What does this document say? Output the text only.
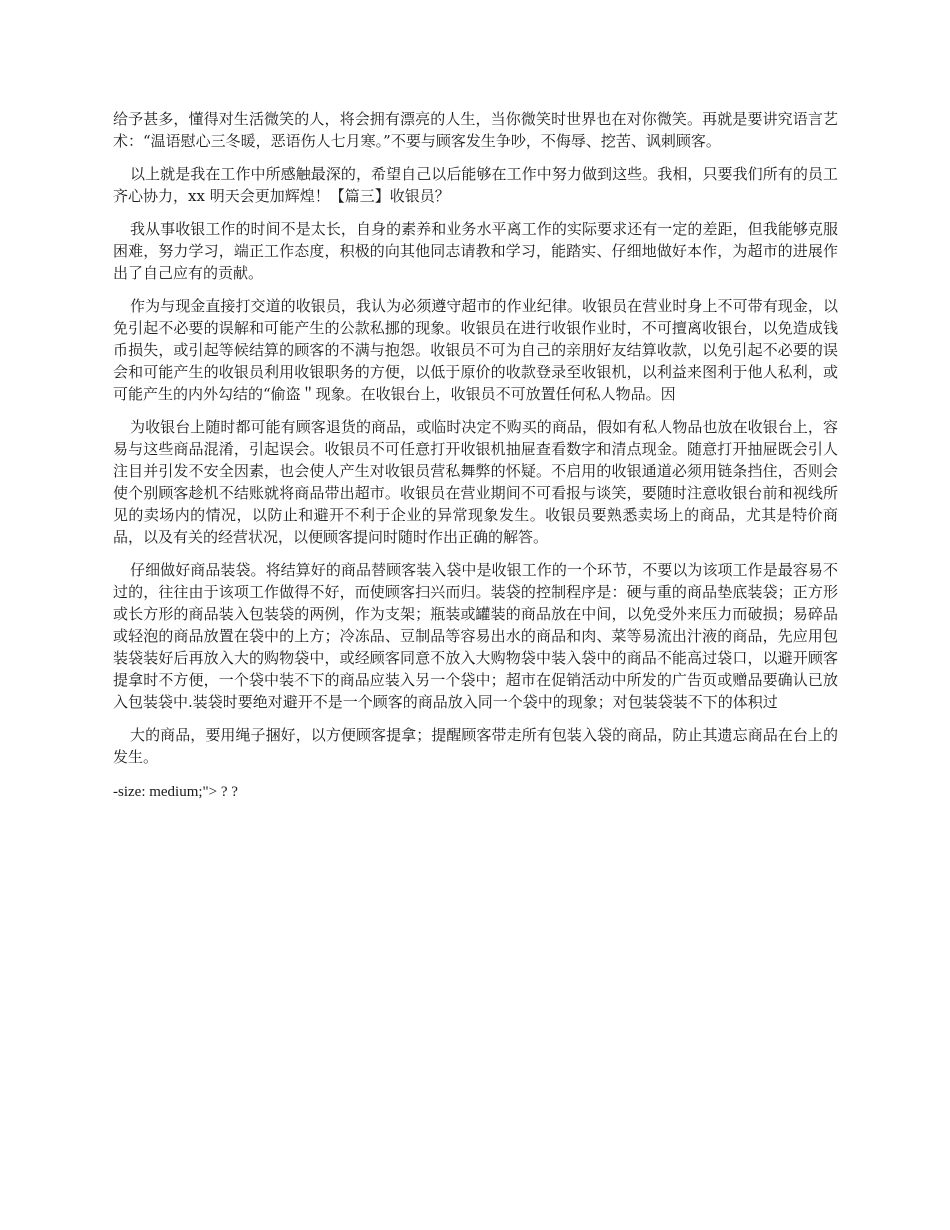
给予甚多，懂得对生活微笑的人，将会拥有漂亮的人生，当你微笑时世界也在对你微笑。再就是要讲究语言艺术：“温语慰心三冬暖，恶语伤人七月寒。”不要与顾客发生争吵，不侮辱、挖苦、讽刺顾客。

以上就是我在工作中所感触最深的，希望自己以后能够在工作中努力做到这些。我相，只要我们所有的员工齐心协力，xx 明天会更加辉煌！【篇三】收银员？

我从事收银工作的时间不是太长，自身的素养和业务水平离工作的实际要求还有一定的差距，但我能够克服困难，努力学习，端正工作态度，积极的向其他同志请教和学习，能踏实、仔细地做好本作，为超市的进展作出了自己应有的贡献。

作为与现金直接打交道的收银员，我认为必须遵守超市的作业纪律。收银员在营业时身上不可带有现金，以免引起不必要的误解和可能产生的公款私挪的现象。收银员在进行收银作业时，不可擅离收银台，以免造成钱币损失，或引起等候结算的顾客的不满与抱怨。收银员不可为自己的亲朋好友结算收款，以免引起不必要的误会和可能产生的收银员利用收银职务的方便，以低于原价的收款登录至收银机，以利益来图利于他人私利，或可能产生的内外勾结的“偷盗＂现象。在收银台上，收银员不可放置任何私人物品。因

为收银台上随时都可能有顾客退货的商品，或临时决定不购买的商品，假如有私人物品也放在收银台上，容易与这些商品混淆，引起误会。收银员不可任意打开收银机抽屉查看数字和清点现金。随意打开抽屉既会引人注目并引发不安全因素，也会使人产生对收银员营私舞弊的怀疑。不启用的收银通道必须用链条挡住，否则会使个别顾客趁机不结账就将商品带出超市。收银员在营业期间不可看报与谈笑，要随时注意收银台前和视线所见的卖场内的情况，以防止和避开不利于企业的异常现象发生。收银员要熟悉卖场上的商品，尤其是特价商品，以及有关的经营状况，以便顾客提问时随时作出正确的解答。

仔细做好商品装袋。将结算好的商品替顾客装入袋中是收银工作的一个环节，不要以为该项工作是最容易不过的，往往由于该项工作做得不好，而使顾客扫兴而归。装袋的控制程序是：硬与重的商品垫底装袋；正方形或长方形的商品装入包装袋的两例，作为支架；瓶装或罐装的商品放在中间，以免受外来压力而破损；易碎品或轻泡的商品放置在袋中的上方；冷冻品、豆制品等容易出水的商品和肉、菜等易流出汁液的商品，先应用包装袋装好后再放入大的购物袋中，或经顾客同意不放入大购物袋中装入袋中的商品不能高过袋口，以避开顾客提拿时不方便，一个袋中装不下的商品应装入另一个袋中；超市在促销活动中所发的广告页或赠品要确认已放入包装袋中.装袋时要绝对避开不是一个顾客的商品放入同一个袋中的现象；对包装袋装不下的体积过

大的商品，要用绳子捆好，以方便顾客提拿；提醒顾客带走所有包装入袋的商品，防止其遗忘商品在台上的发生。

-size: medium;"> ? ?
